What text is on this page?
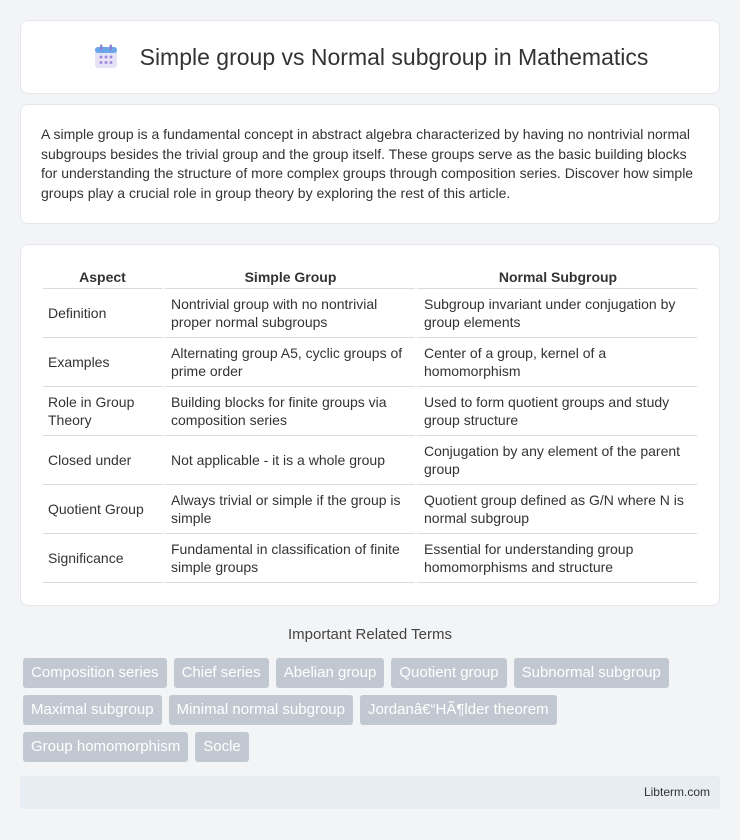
Simple group vs Normal subgroup in Mathematics

A simple group is a fundamental concept in abstract algebra characterized by having no nontrivial normal subgroups besides the trivial group and the group itself. These groups serve as the basic building blocks for understanding the structure of more complex groups through composition series. Discover how simple groups play a crucial role in group theory by exploring the rest of this article.

Aspect	Simple Group	Normal Subgroup
Definition	Nontrivial group with no nontrivial proper normal subgroups	Subgroup invariant under conjugation by group elements
Examples	Alternating group A5, cyclic groups of prime order	Center of a group, kernel of a homomorphism
Role in Group Theory	Building blocks for finite groups via composition series	Used to form quotient groups and study group structure
Closed under	Not applicable - it is a whole group	Conjugation by any element of the parent group
Quotient Group	Always trivial or simple if the group is simple	Quotient group defined as G/N where N is normal subgroup
Significance	Fundamental in classification of finite simple groups	Essential for understanding group homomorphisms and structure
Important Related Terms
Composition series	Chief series	Abelian group	Quotient group	Subnormal subgroup
Maximal subgroup	Minimal normal subgroup	Jordanâ€“HÃ¶lder theorem
Group homomorphism	Socle
Libterm.com
